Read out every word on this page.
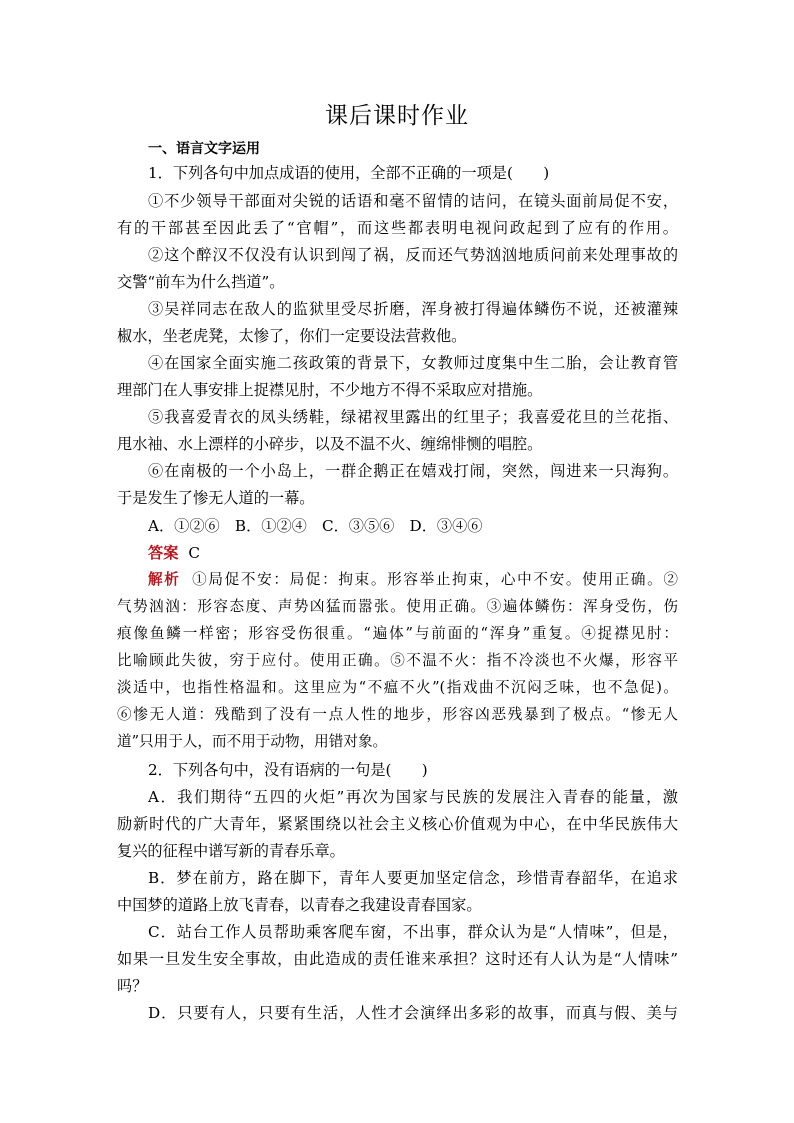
课后课时作业
一、语言文字运用
1．下列各句中加点成语的使用，全部不正确的一项是(　　)
①不少领导干部面对尖锐的话语和毫不留情的诘问，在镜头面前局促不安，
有的干部甚至因此丢了“官帽”，而这些都表明电视问政起到了应有的作用。
②这个醉汉不仅没有认识到闯了祸，反而还气势汹汹地质问前来处理事故的
交警“前车为什么挡道”。
③吴祥同志在敌人的监狱里受尽折磨，浑身被打得遍体鳞伤不说，还被灌辣
椒水，坐老虎凳，太惨了，你们一定要设法营救他。
④在国家全面实施二孩政策的背景下，女教师过度集中生二胎，会让教育管
理部门在人事安排上捉襟见肘，不少地方不得不采取应对措施。
⑤我喜爱青衣的凤头绣鞋，绿裙衩里露出的红里子；我喜爱花旦的兰花指、
甩水袖、水上漂样的小碎步，以及不温不火、缠绵悱恻的唱腔。
⑥在南极的一个小岛上，一群企鹅正在嬉戏打闹，突然，闯进来一只海狗。
于是发生了惨无人道的一幕。
A．①②⑥　B．①②④　C．③⑤⑥　D．③④⑥
答案 C
解析 ①局促不安：局促：拘束。形容举止拘束，心中不安。使用正确。②
气势汹汹：形容态度、声势凶猛而嚣张。使用正确。③遍体鳞伤：浑身受伤，伤
痕像鱼鳞一样密；形容受伤很重。“遍体”与前面的“浑身”重复。④捉襟见肘：
比喻顾此失彼，穷于应付。使用正确。⑤不温不火：指不冷淡也不火爆，形容平
淡适中，也指性格温和。这里应为“不瘟不火”(指戏曲不沉闷乏味，也不急促)。
⑥惨无人道：残酷到了没有一点人性的地步，形容凶恶残暴到了极点。“惨无人
道”只用于人，而不用于动物，用错对象。
2．下列各句中，没有语病的一句是(　　)
A．我们期待“五四的火炬”再次为国家与民族的发展注入青春的能量，激
励新时代的广大青年，紧紧围绕以社会主义核心价值观为中心，在中华民族伟大
复兴的征程中谱写新的青春乐章。
B．梦在前方，路在脚下，青年人要更加坚定信念，珍惜青春韶华，在追求
中国梦的道路上放飞青春，以青春之我建设青春国家。
C．站台工作人员帮助乘客爬车窗，不出事，群众认为是“人情味”，但是，
如果一旦发生安全事故，由此造成的责任谁来承担？这时还有人认为是“人情味”
吗？
D．只要有人，只要有生活，人性才会演绎出多彩的故事，而真与假、美与
